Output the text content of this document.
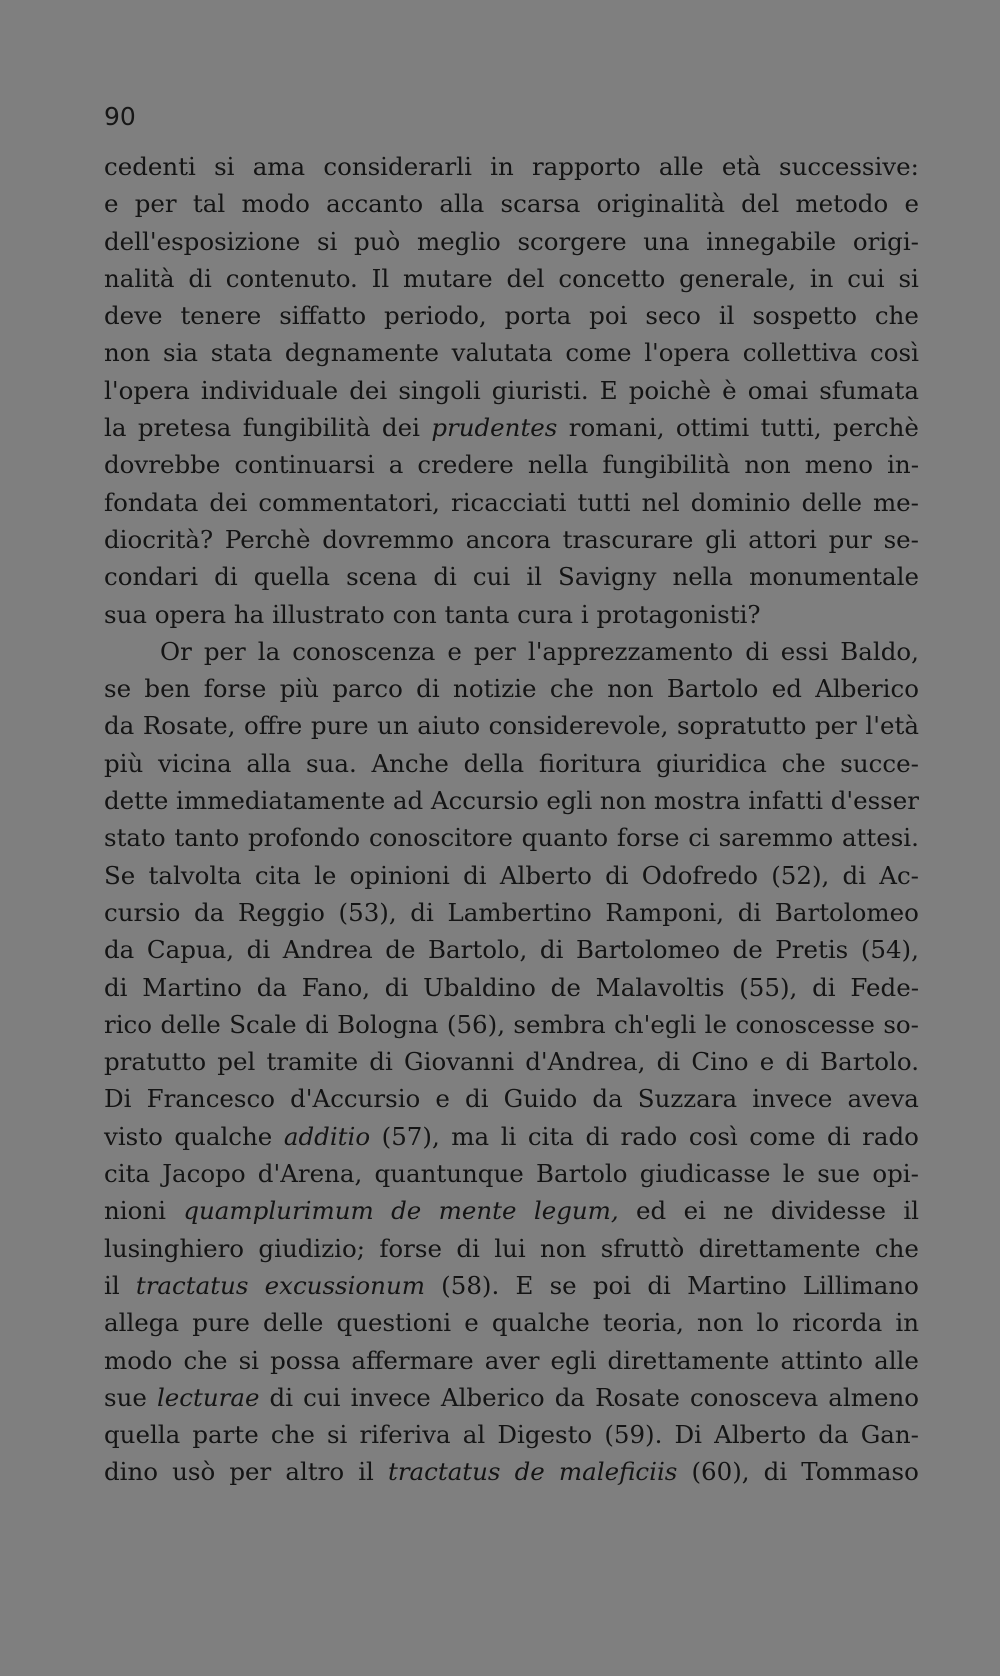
90
cedenti si ama considerarli in rapporto alle età successive:
e per tal modo accanto alla scarsa originalità del metodo e
dell'esposizione si può meglio scorgere una innegabile origi-
nalità di contenuto. Il mutare del concetto generale, in cui si
deve tenere siffatto periodo, porta poi seco il sospetto che
non sia stata degnamente valutata come l'opera collettiva così
l'opera individuale dei singoli giuristi. E poichè è omai sfumata
la pretesa fungibilità dei prudentes romani, ottimi tutti, perchè
dovrebbe continuarsi a credere nella fungibilità non meno in-
fondata dei commentatori, ricacciati tutti nel dominio delle me-
diocrità? Perchè dovremmo ancora trascurare gli attori pur se-
condari di quella scena di cui il Savigny nella monumentale
sua opera ha illustrato con tanta cura i protagonisti?
Or per la conoscenza e per l'apprezzamento di essi Baldo,
se ben forse più parco di notizie che non Bartolo ed Alberico
da Rosate, offre pure un aiuto considerevole, sopratutto per l'età
più vicina alla sua. Anche della fioritura giuridica che succe-
dette immediatamente ad Accursio egli non mostra infatti d'esser
stato tanto profondo conoscitore quanto forse ci saremmo attesi.
Se talvolta cita le opinioni di Alberto di Odofredo (52), di Ac-
cursio da Reggio (53), di Lambertino Ramponi, di Bartolomeo
da Capua, di Andrea de Bartolo, di Bartolomeo de Pretis (54),
di Martino da Fano, di Ubaldino de Malavoltis (55), di Fede-
rico delle Scale di Bologna (56), sembra ch'egli le conoscesse so-
pratutto pel tramite di Giovanni d'Andrea, di Cino e di Bartolo.
Di Francesco d'Accursio e di Guido da Suzzara invece aveva
visto qualche additio (57), ma li cita di rado così come di rado
cita Jacopo d'Arena, quantunque Bartolo giudicasse le sue opi-
nioni quamplurimum de mente legum, ed ei ne dividesse il
lusinghiero giudizio; forse di lui non sfruttò direttamente che
il tractatus excussionum (58). E se poi di Martino Lillimano
allega pure delle questioni e qualche teoria, non lo ricorda in
modo che si possa affermare aver egli direttamente attinto alle
sue lecturae di cui invece Alberico da Rosate conosceva almeno
quella parte che si riferiva al Digesto (59). Di Alberto da Gan-
dino usò per altro il tractatus de maleficiis (60), di Tommaso
